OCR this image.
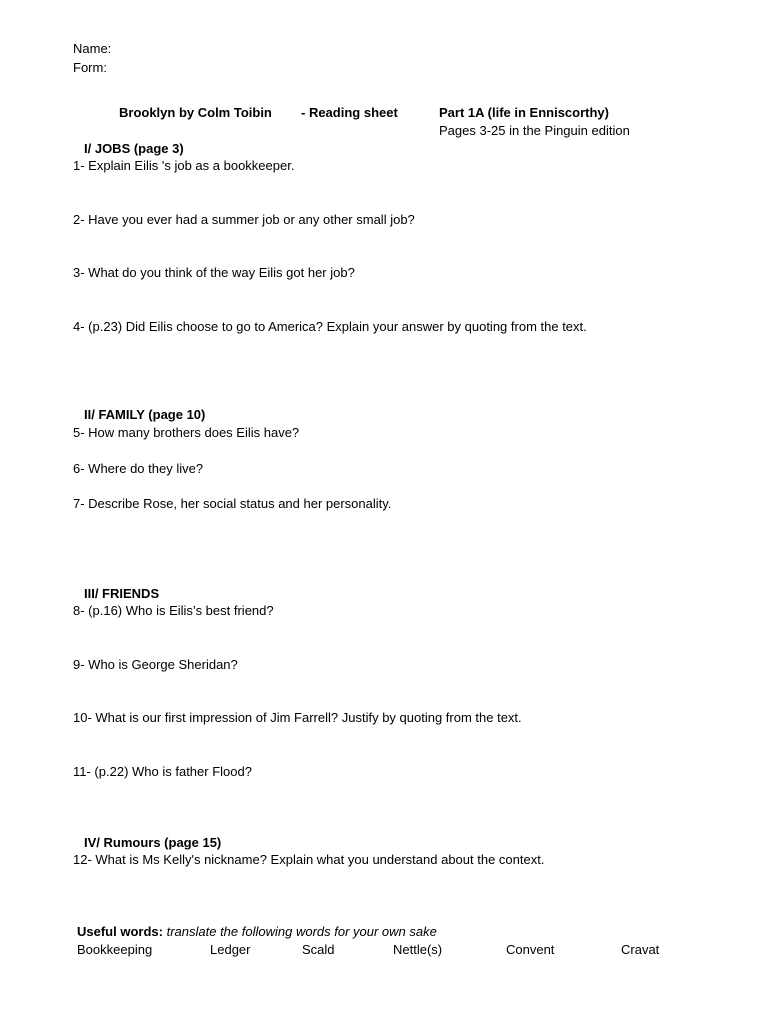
Name:
Form:
Brooklyn by Colm Toibin - Reading sheet	Part 1A (life in Enniscorthy)
Pages 3-25 in the Pinguin edition
I/ JOBS (page 3)
1- Explain Eilis 's job as a bookkeeper.
2- Have you ever had a summer job or any other small job?
3- What do you think of the way Eilis got her job?
4- (p.23) Did Eilis choose to go to America? Explain your answer by quoting from the text.
II/ FAMILY (page 10)
5- How many brothers does Eilis have?
6- Where do they live?
7- Describe Rose, her social status and her personality.
III/ FRIENDS
8- (p.16) Who is Eilis’s best friend?
9- Who is George Sheridan?
10- What is our first impression of Jim Farrell? Justify by quoting from the text.
11- (p.22) Who is father Flood?
IV/ Rumours (page 15)
12- What is Ms Kelly's nickname? Explain what you understand about the context.
Useful words: translate the following words for your own sake
Bookkeeping	Ledger	Scald	Nettle(s)	Convent	Cravat
